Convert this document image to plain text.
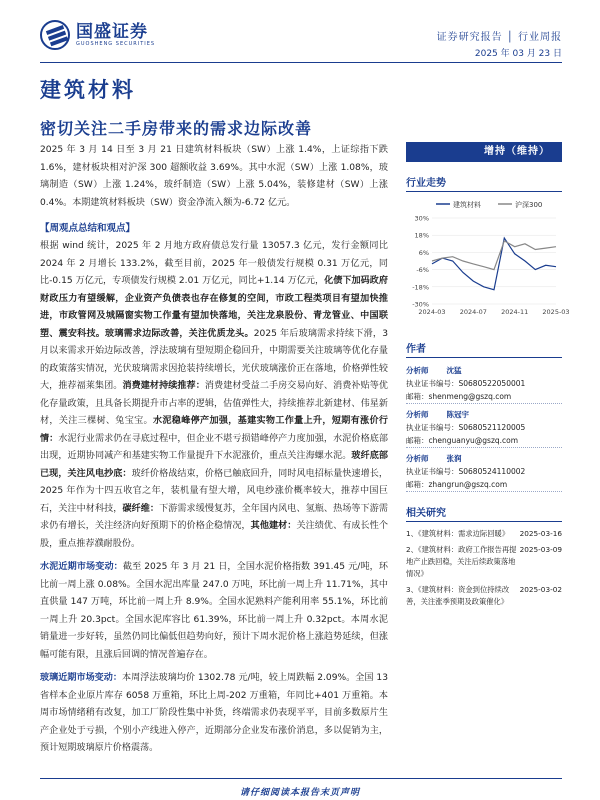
国盛证券
GUOSHENG SECURITIES
证券研究报告 │ 行业周报
2025 年 03 月 23 日
建筑材料
密切关注二手房带来的需求边际改善

2025 年 3 月 14 日至 3 月 21 日建筑材料板块（SW）上涨 1.4%，上证综指下跌 1.6%，建材板块相对沪深 300 超额收益 3.69%。其中水泥（SW）上涨 1.08%，玻璃制造（SW）上涨 1.24%，玻纤制造（SW）上涨 5.04%，装修建材（SW）上涨 0.4%。本期建筑材料板块（SW）资金净流入额为-6.72 亿元。

【周观点总结和观点】

根据 wind 统计，2025 年 2 月地方政府债总发行量 13057.3 亿元，发行金额同比 2024 年 2 月增长 133.2%，截至目前，2025 年一般债发行规模 0.31 万亿元，同比-0.15 万亿元，专项债发行规模 2.01 万亿元，同比+1.14 万亿元，化债下加码政府财政压力有望缓解，企业资产负债表也存在修复的空间，市政工程类项目有望加快推进，市政管网及城隔窗实物工作量有望加快落地，关注龙泉股份、青龙管业、中国联塑、震安科技。玻璃需求边际改善，关注优质龙头。2025 年后玻璃需求持续下滑，3 月以来需求开始边际改善，浮法玻璃有望短期企稳回升，中期需要关注玻璃等优化存量的政策落实情况，光伏玻璃需求因抢装持续增长，光伏玻璃涨价正在落地，价格弹性较大，推荐福莱集团。消费建材持续推荐：消费建材受益二手房交易向好、消费补贴等优化存量政策，且具备长期提升市占率的逻辑，估值弹性大，持续推荐北新建材、伟星新材，关注三棵树、兔宝宝。水泥稳峰停产加强，基建实物工作量上升，短期有涨价行情：水泥行业需求仍在寻底过程中，但企业不堪亏损错峰停产力度加强，水泥价格底部出现，近期协同减产和基建实物工作量提升下水泥涨价，重点关注海螺水泥。玻纤底部已现，关注风电抄底：玻纤价格战结束，价格已触底回升，同时风电招标量快速增长，2025 年作为十四五收官之年，装机量有望大增，风电纱涨价概率较大，推荐中国巨石，关注中材科技，碳纤维：下游需求缓慢复苏，全年国内风电、氢瓶、热场等下游需求仍有增长，关注经济向好预期下的价格企稳情况，其他建材：关注绩优、有成长性个股，重点推荐濮耐股份。

水泥近期市场变动：截至 2025 年 3 月 21 日，全国水泥价格指数 391.45 元/吨，环比前一周上涨 0.08%。全国水泥出库量 247.0 万吨，环比前一周上升 11.71%，其中直供量 147 万吨，环比前一周上升 8.9%。全国水泥熟料产能利用率 55.1%，环比前一周上升 20.3pct。全国水泥库容比 61.39%，环比前一周上升 0.32pct。本周水泥销量进一步好转，虽然仍同比偏低但趋势向好，预计下周水泥价格上涨趋势延续，但涨幅可能有限，且涨后回调的情况普遍存在。

玻璃近期市场变动：本周浮法玻璃均价 1302.78 元/吨，较上周跌幅 2.09%。全国 13 省样本企业原片库存 6058 万重箱，环比上周-202 万重箱，年同比+401 万重箱。本周市场情绪稍有改复，加工厂阶段性集中补货，终端需求仍表现平平，目前多数原片生产企业处于亏损，个别小产线进入停产，近期部分企业发布涨价消息，多以促销为主，预计短期玻璃原片价格震荡。

增持（维持）
行业走势
建筑材料	沪深300
30%
18%
6%
-6%
-18%
-30%
2024-03 2024-07 2024-11 2025-03
作者
分析师 沈猛
执业证书编号：S0680522050001
邮箱：shenmeng@gszq.com
分析师 陈冠宇
执业证书编号：S0680521120005
邮箱：chenguanyu@gszq.com
分析师 张润
执业证书编号：S0680524110002
邮箱：zhangrun@gszq.com
相关研究
1、《建筑材料：需求边际回暖》	2025-03-16
2、《建筑材料：政府工作报告再提地产止跌回稳，关注后续政策落地情况》
2025-03-09
3、《建筑材料：资金到位持续改善，关注涨季预期及政策催化》
2025-03-02
请仔细阅读本报告末页声明
